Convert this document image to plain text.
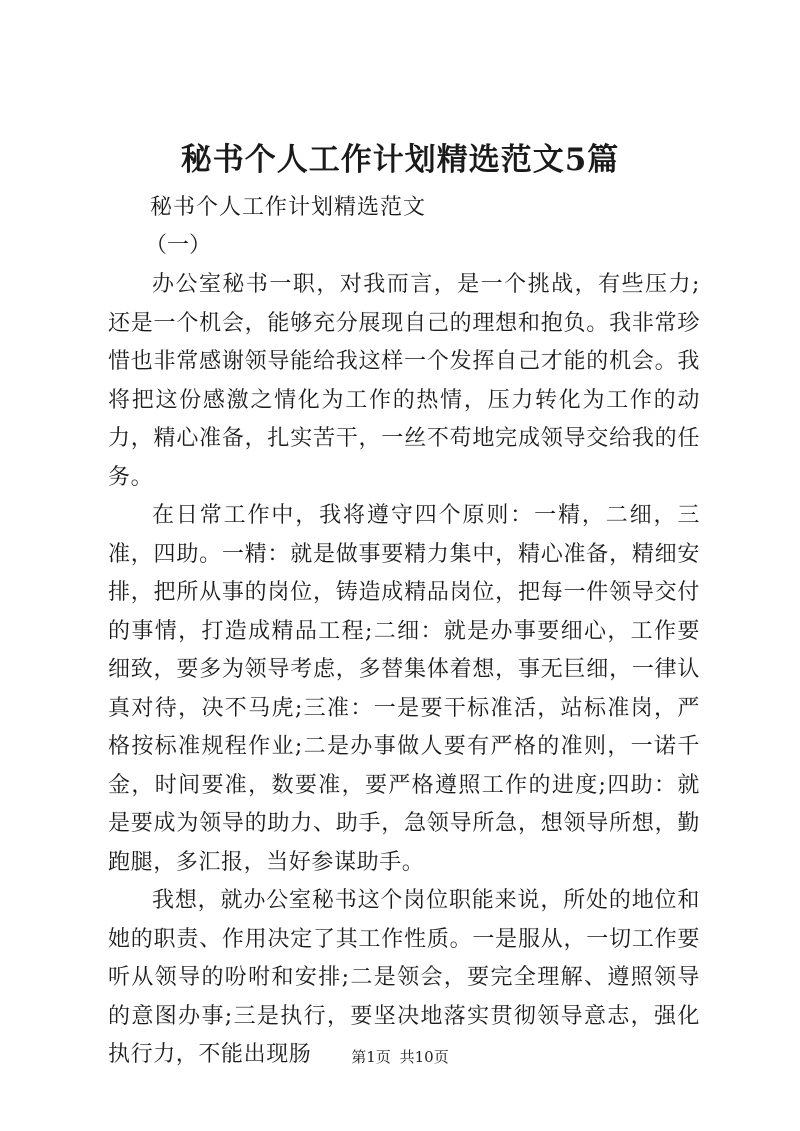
秘书个人工作计划精选范文5篇
秘书个人工作计划精选范文
（一）

办公室秘书一职，对我而言，是一个挑战，有些压力;还是一个机会，能够充分展现自己的理想和抱负。我非常珍惜也非常感谢领导能给我这样一个发挥自己才能的机会。我将把这份感激之情化为工作的热情，压力转化为工作的动力，精心准备，扎实苦干，一丝不苟地完成领导交给我的任务。

在日常工作中，我将遵守四个原则：一精，二细，三准，四助。一精：就是做事要精力集中，精心准备，精细安排，把所从事的岗位，铸造成精品岗位，把每一件领导交付的事情，打造成精品工程;二细：就是办事要细心，工作要细致，要多为领导考虑，多替集体着想，事无巨细，一律认真对待，决不马虎;三准：一是要干标准活，站标准岗，严格按标准规程作业;二是办事做人要有严格的准则，一诺千金，时间要准，数要准，要严格遵照工作的进度;四助：就是要成为领导的助力、助手，急领导所急，想领导所想，勤跑腿，多汇报，当好参谋助手。

我想，就办公室秘书这个岗位职能来说，所处的地位和她的职责、作用决定了其工作性质。一是服从，一切工作要听从领导的吩咐和安排;二是领会，要完全理解、遵照领导的意图办事;三是执行，要坚决地落实贯彻领导意志，强化执行力，不能出现肠	第1页 共10页
